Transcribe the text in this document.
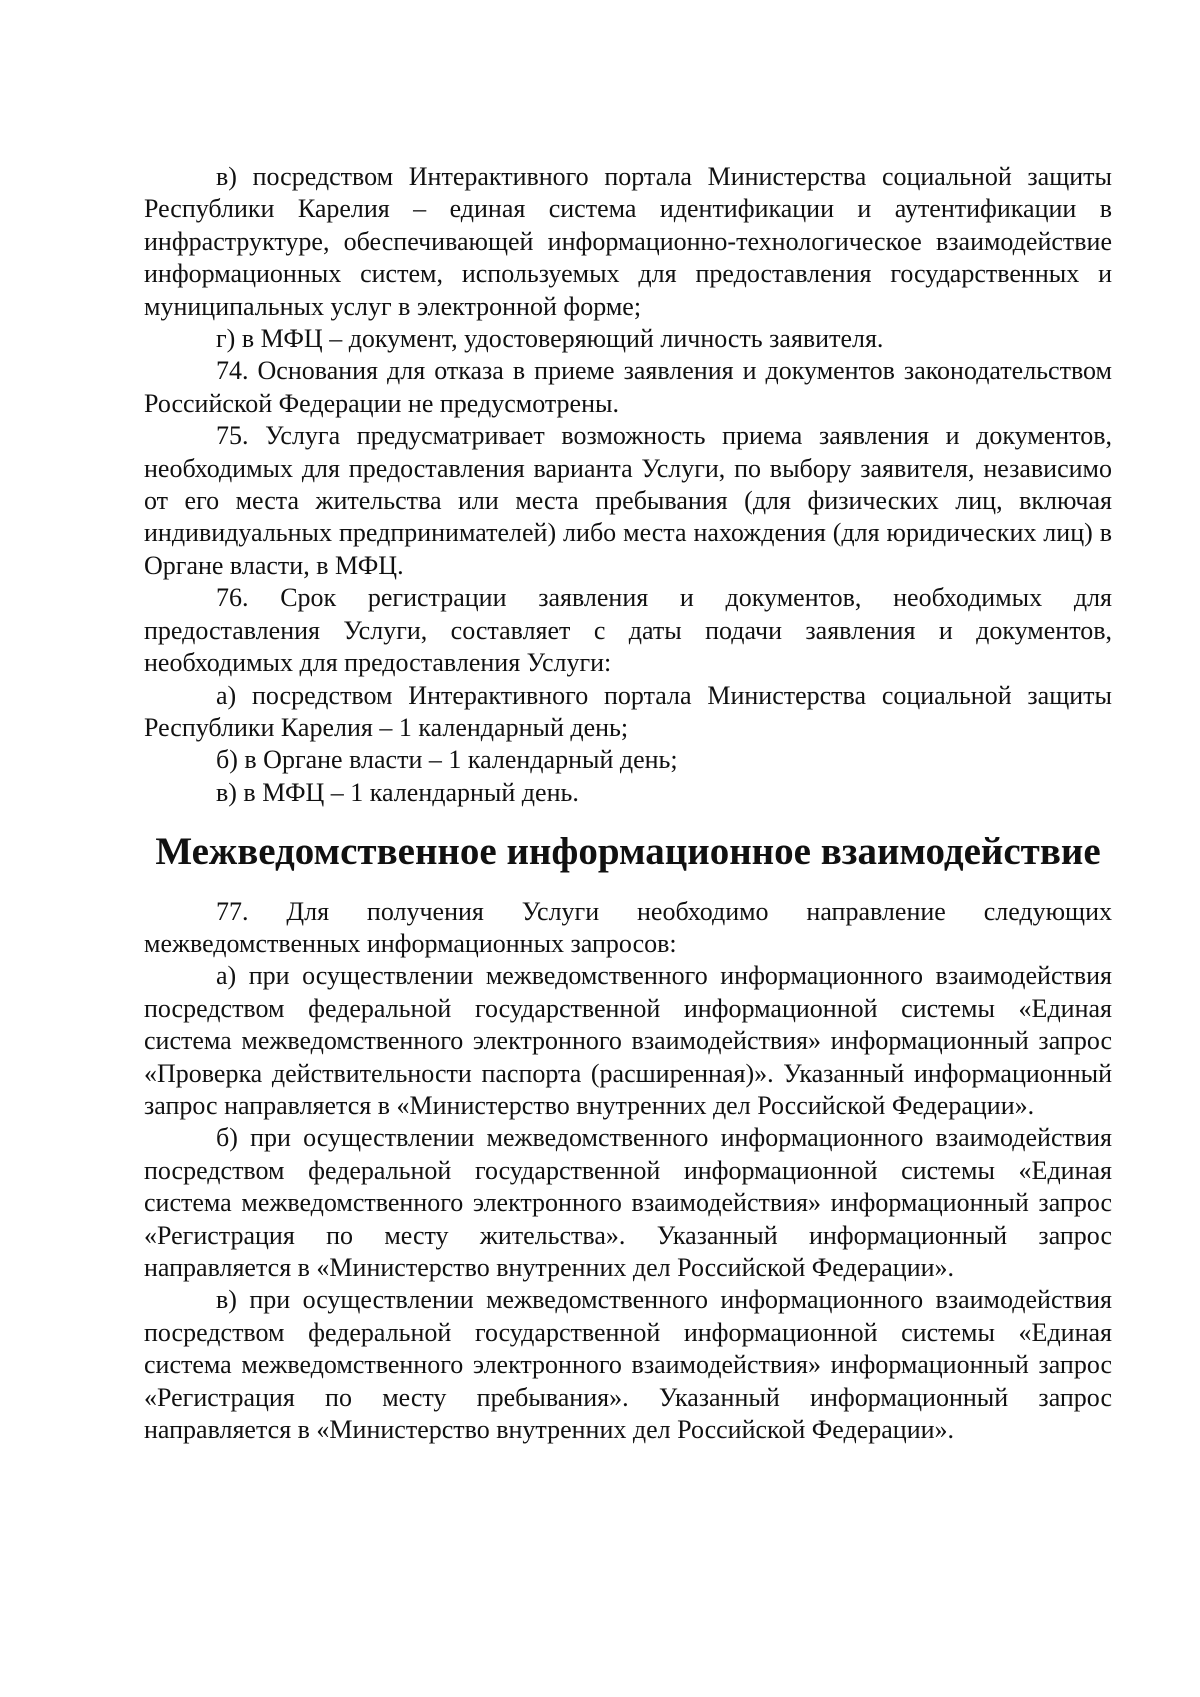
в) посредством Интерактивного портала Министерства социальной защиты Республики Карелия – единая система идентификации и аутентификации в инфраструктуре, обеспечивающей информационно-технологическое взаимодействие информационных систем, используемых для предоставления государственных и муниципальных услуг в электронной форме;

г) в МФЦ – документ, удостоверяющий личность заявителя.

74. Основания для отказа в приеме заявления и документов законодательством Российской Федерации не предусмотрены.

75. Услуга предусматривает возможность приема заявления и документов, необходимых для предоставления варианта Услуги, по выбору заявителя, независимо от его места жительства или места пребывания (для физических лиц, включая индивидуальных предпринимателей) либо места нахождения (для юридических лиц) в Органе власти, в МФЦ.

76. Срок регистрации заявления и документов, необходимых для предоставления Услуги, составляет с даты подачи заявления и документов, необходимых для предоставления Услуги:

а) посредством Интерактивного портала Министерства социальной защиты Республики Карелия – 1 календарный день;

б) в Органе власти – 1 календарный день;

в) в МФЦ – 1 календарный день.

Межведомственное информационное взаимодействие

77. Для получения Услуги необходимо направление следующих межведомственных информационных запросов:

а) при осуществлении межведомственного информационного взаимодействия посредством федеральной государственной информационной системы «Единая система межведомственного электронного взаимодействия» информационный запрос «Проверка действительности паспорта (расширенная)». Указанный информационный запрос направляется в «Министерство внутренних дел Российской Федерации».

б) при осуществлении межведомственного информационного взаимодействия посредством федеральной государственной информационной системы «Единая система межведомственного электронного взаимодействия» информационный запрос «Регистрация по месту жительства». Указанный информационный запрос направляется в «Министерство внутренних дел Российской Федерации».

в) при осуществлении межведомственного информационного взаимодействия посредством федеральной государственной информационной системы «Единая система межведомственного электронного взаимодействия» информационный запрос «Регистрация по месту пребывания». Указанный информационный запрос направляется в «Министерство внутренних дел Российской Федерации».
